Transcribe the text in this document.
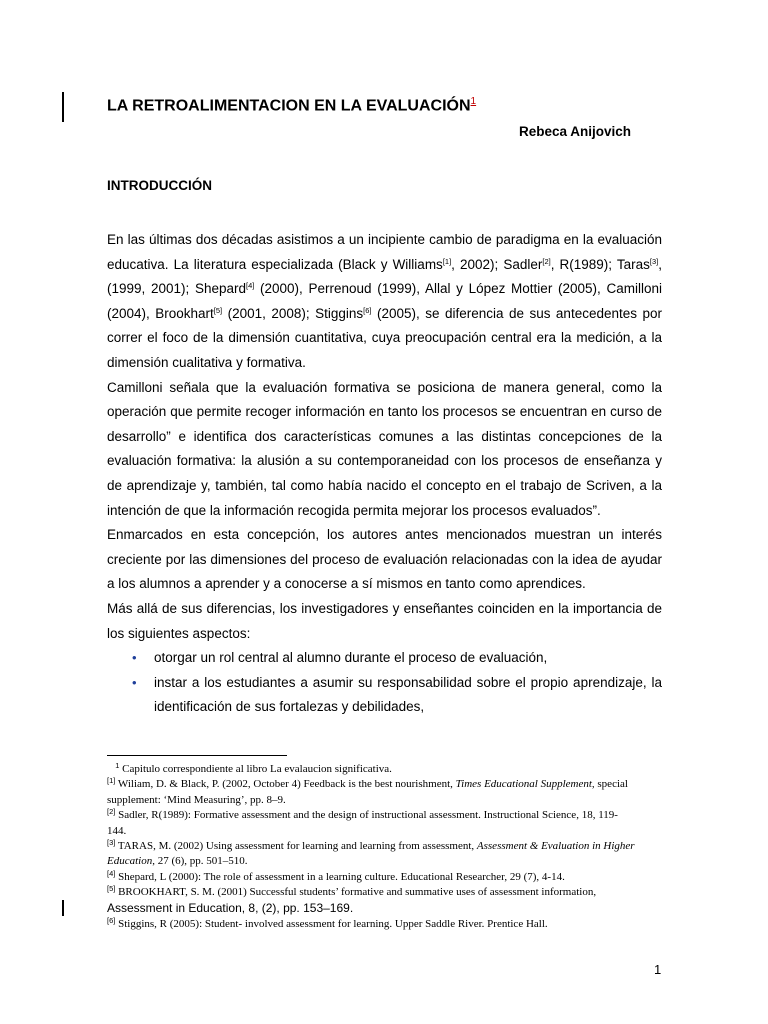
LA RETROALIMENTACION EN LA EVALUACIÓN$^1$
Rebeca Anijovich
INTRODUCCIÓN

En las últimas dos décadas asistimos a un incipiente cambio de paradigma en la evaluación educativa. La literatura especializada (Black y Williams[1], 2002); Sadler[2], R(1989); Taras[3], (1999, 2001); Shepard[4] (2000), Perrenoud (1999), Allal y López Mottier (2005), Camilloni (2004), Brookhart[5] (2001, 2008); Stiggins[6] (2005), se diferencia de sus antecedentes por correr el foco de la dimensión cuantitativa, cuya preocupación central era la medición, a la dimensión cualitativa y formativa.

Camilloni señala que la evaluación formativa se posiciona de manera general, como la operación que permite recoger información en tanto los procesos se encuentran en curso de desarrollo” e identifica dos características comunes a las distintas concepciones de la evaluación formativa: la alusión a su contemporaneidad con los procesos de enseñanza y de aprendizaje y, también, tal como había nacido el concepto en el trabajo de Scriven, a la intención de que la información recogida permita mejorar los procesos evaluados”.

Enmarcados en esta concepción, los autores antes mencionados muestran un interés creciente por las dimensiones del proceso de evaluación relacionadas con la idea de ayudar a los alumnos a aprender y a conocerse a sí mismos en tanto como aprendices.

Más allá de sus diferencias, los investigadores y enseñantes coinciden en la importancia de los siguientes aspectos:

• otorgar un rol central al alumno durante el proceso de evaluación,
• instar a los estudiantes a asumir su responsabilidad sobre el propio aprendizaje, la identificación de sus fortalezas y debilidades,

$^1$ Capitulo correspondiente al libro La evalaucion significativa.

[1] Wiliam, D. & Black, P. (2002, October 4) Feedback is the best nourishment, Times Educational Supplement, special supplement: ‘Mind Measuring’, pp. 8–9.

[2] Sadler, R(1989): Formative assessment and the design of instructional assessment. Instructional Science, 18, 119-144.

[3] TARAS, M. (2002) Using assessment for learning and learning from assessment, Assessment & Evaluation in Higher Education, 27 (6), pp. 501–510.

[4] Shepard, L (2000): The role of assessment in a learning culture. Educational Researcher, 29 (7), 4-14.

[5] BROOKHART, S. M. (2001) Successful students’ formative and summative uses of assessment information, Assessment in Education, 8, (2), pp. 153–169.

[6] Stiggins, R (2005): Student- involved assessment for learning. Upper Saddle River. Prentice Hall.

1
